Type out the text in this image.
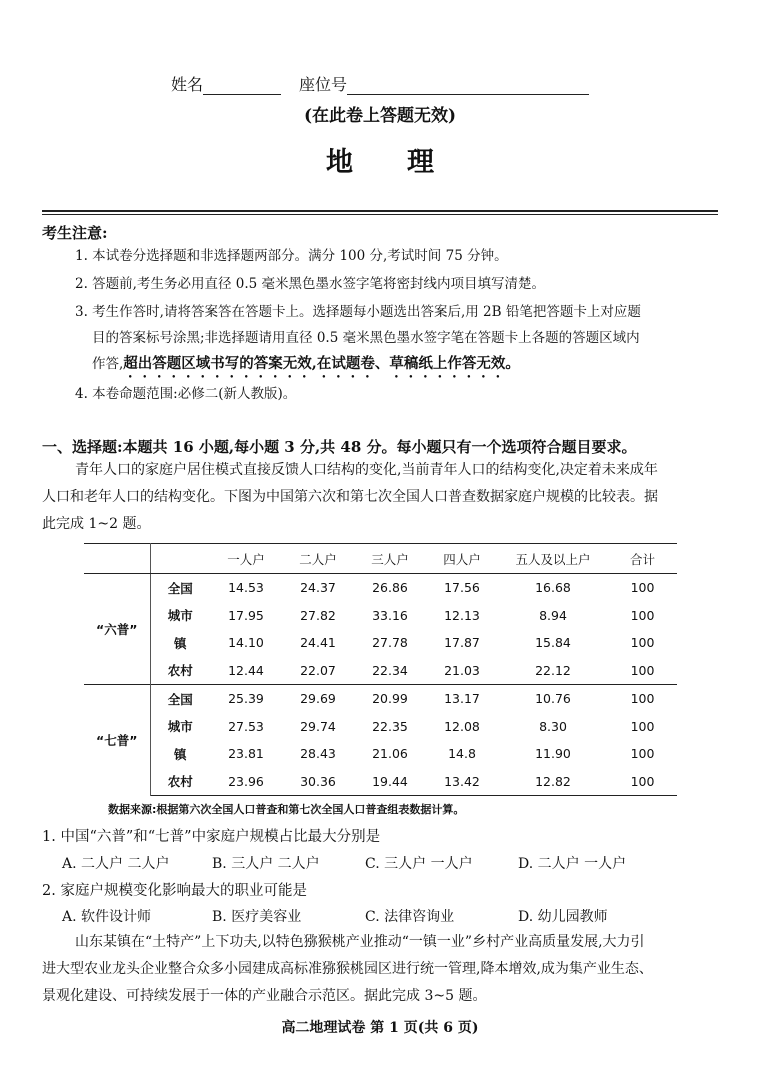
姓名	座位号
(在此卷上答题无效)
地理
考生注意:
1. 本试卷分选择题和非选择题两部分。满分 100 分,考试时间 75 分钟。
2. 答题前,考生务必用直径 0.5 毫米黑色墨水签字笔将密封线内项目填写清楚。
3. 考生作答时,请将答案答在答题卡上。选择题每小题选出答案后,用 2B 铅笔把答题卡上对应题
目的答案标号涂黑;非选择题请用直径 0.5 毫米黑色墨水签字笔在答题卡上各题的答题区域内
作答,超出答题区域书写的答案无效,在试题卷、草稿纸上作答无效。
4. 本卷命题范围:必修二(新人教版)。
一、选择题:本题共 16 小题,每小题 3 分,共 48 分。每小题只有一个选项符合题目要求。
青年人口的家庭户居住模式直接反馈人口结构的变化,当前青年人口的结构变化,决定着未来成年
人口和老年人口的结构变化。下图为中国第六次和第七次全国人口普查数据家庭户规模的比较表。据
此完成 1~2 题。
		一人户	二人户	三人户	四人户	五人及以上户	合计
“六普”	全国	14.53	24.37	26.86	17.56	16.68	100
	城市	17.95	27.82	33.16	12.13	8.94	100
	镇	14.10	24.41	27.78	17.87	15.84	100
	农村	12.44	22.07	22.34	21.03	22.12	100
“七普”	全国	25.39	29.69	20.99	13.17	10.76	100
	城市	27.53	29.74	22.35	12.08	8.30	100
	镇	23.81	28.43	21.06	14.8	11.90	100
	农村	23.96	30.36	19.44	13.42	12.82	100
数据来源:根据第六次全国人口普查和第七次全国人口普查组表数据计算。
1. 中国“六普”和“七普”中家庭户规模占比最大分别是
A. 二人户 二人户	B. 三人户 二人户	C. 三人户 一人户	D. 二人户 一人户
2. 家庭户规模变化影响最大的职业可能是
A. 软件设计师	B. 医疗美容业	C. 法律咨询业	D. 幼儿园教师
山东某镇在“土特产”上下功夫,以特色猕猴桃产业推动“一镇一业”乡村产业高质量发展,大力引
进大型农业龙头企业整合众多小园建成高标准猕猴桃园区进行统一管理,降本增效,成为集产业生态、
景观化建设、可持续发展于一体的产业融合示范区。据此完成 3~5 题。
高二地理试卷 第 1 页(共 6 页)
